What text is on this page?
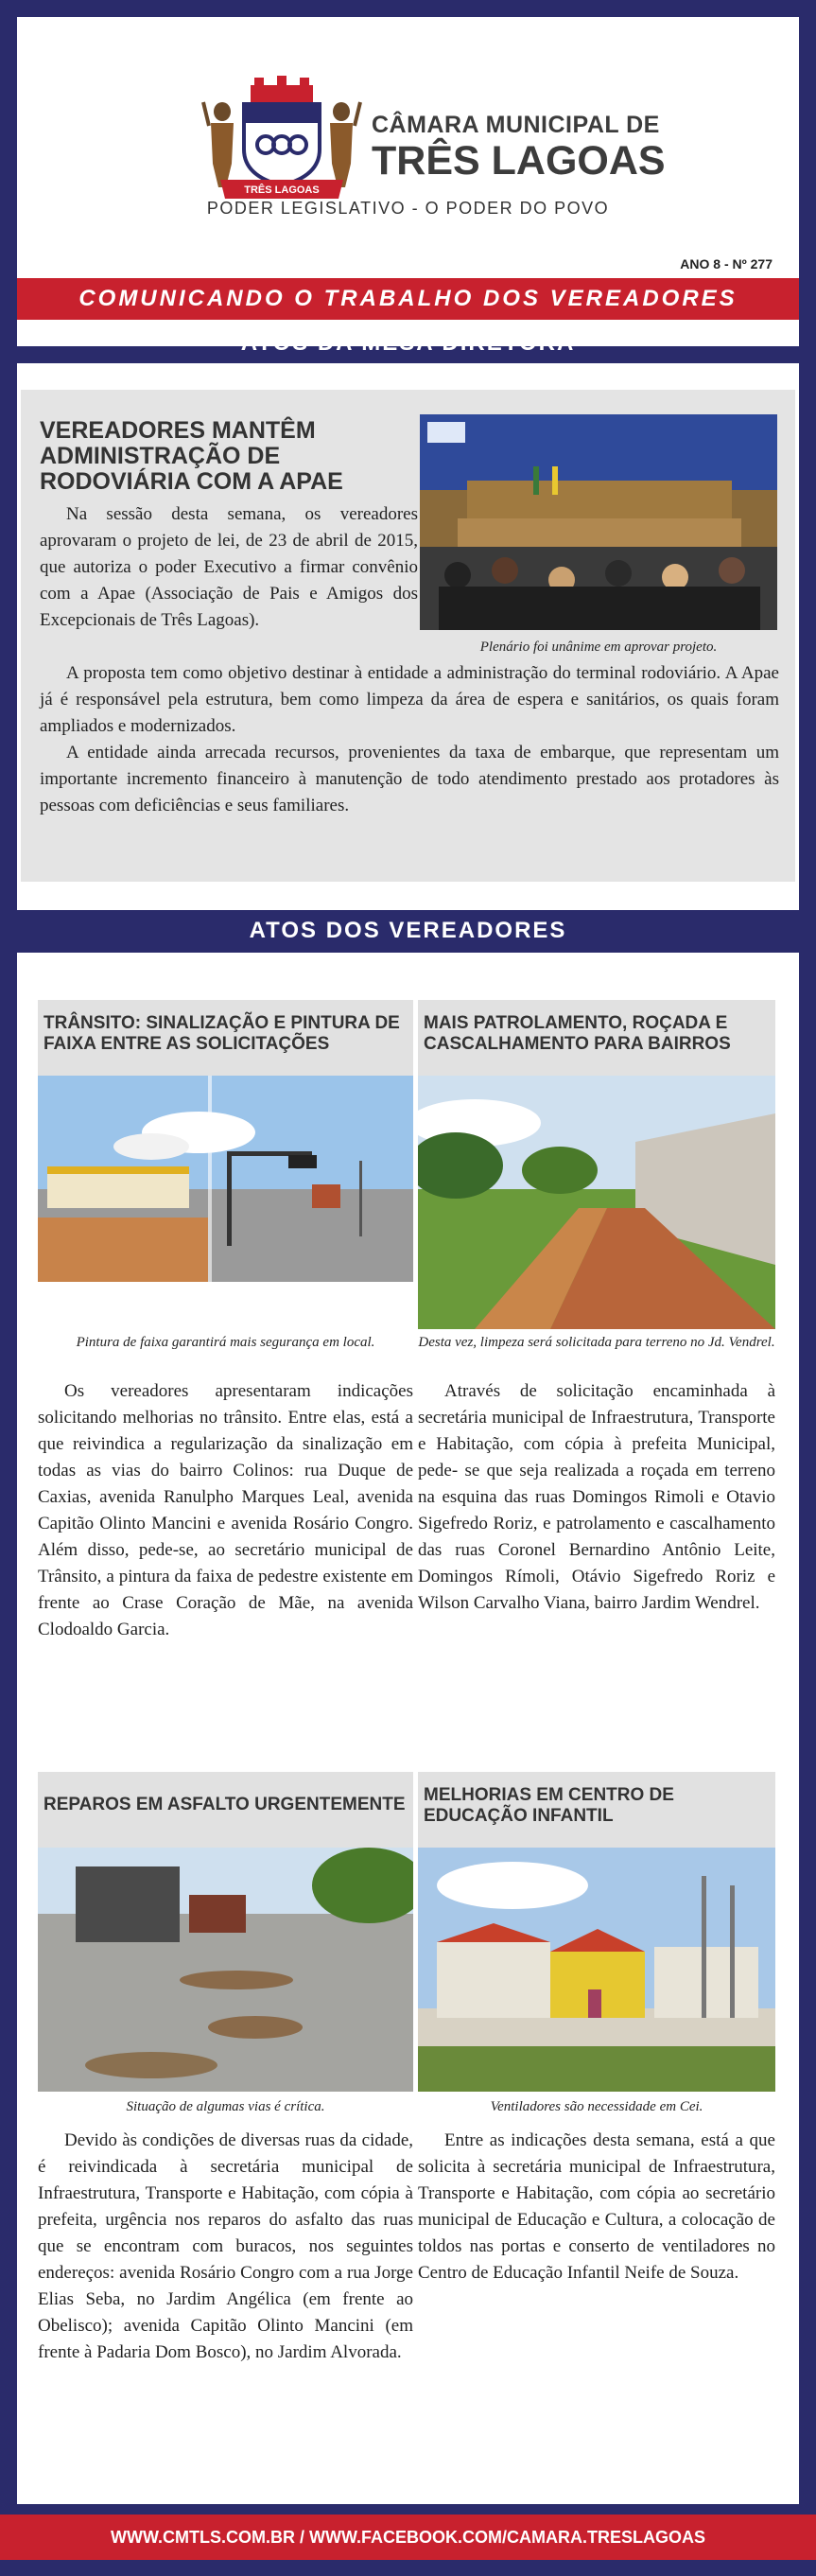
TRÊS LAGOAS
CÂMARA MUNICIPAL DE
TRÊS LAGOAS
PODER LEGISLATIVO - O PODER DO POVO
ANO 8 - Nº 277
COMUNICANDO O TRABALHO DOS VEREADORES
ATOS DA MESA DIRETORA
VEREADORES MANTÊM
ADMINISTRAÇÃO DE
RODOVIÁRIA COM A APAE
Plenário foi unânime em aprovar projeto.

Na sessão desta semana, os vereadores aprovaram o projeto de lei, de 23 de abril de 2015, que autoriza o poder Executivo a firmar convênio com a Apae (Associação de Pais e Amigos dos Excepcionais de Três Lagoas).

A proposta tem como objetivo destinar à entidade a administração do terminal rodoviário. A Apae já é responsável pela estrutura, bem como limpeza da área de espera e sanitários, os quais foram ampliados e modernizados.

A entidade ainda arrecada recursos, provenientes da taxa de embarque, que representam um importante incremento financeiro à manutenção de todo atendimento prestado aos protadores às pessoas com deficiências e seus familiares.

ATOS DOS VEREADORES
TRÂNSITO: SINALIZAÇÃO E PINTURA DE FAIXA ENTRE AS SOLICITAÇÕES
Pintura de faixa garantirá mais segurança em local.

Os vereadores apresentaram indicações solicitando melhorias no trânsito. Entre elas, está a que reivindica a regularização da sinalização em todas as vias do bairro Colinos: rua Duque de Caxias, avenida Ranulpho Marques Leal, avenida Capitão Olinto Mancini e avenida Rosário Congro. Além disso, pede-se, ao secretário municipal de Trânsito, a pintura da faixa de pedestre existente em frente ao Crase Coração de Mãe, na avenida Clodoaldo Garcia.

MAIS PATROLAMENTO, ROÇADA E CASCALHAMENTO PARA BAIRROS
Desta vez, limpeza será solicitada para terreno no Jd. Vendrel.

Através de solicitação encaminhada à secretária municipal de Infraestrutura, Transporte e Habitação, com cópia à prefeita Municipal, pede- se que seja realizada a roçada em terreno na esquina das ruas Domingos Rimoli e Otavio Sigefredo Roriz, e patrolamento e cascalhamento das ruas Coronel Bernardino Antônio Leite, Domingos Rímoli, Otávio Sigefredo Roriz e Wilson Carvalho Viana, bairro Jardim Wendrel.

REPAROS EM ASFALTO URGENTEMENTE
Situação de algumas vias é crítica.

Devido às condições de diversas ruas da cidade, é reivindicada à secretária municipal de Infraestrutura, Transporte e Habitação, com cópia à prefeita, urgência nos reparos do asfalto das ruas que se encontram com buracos, nos seguintes endereços: avenida Rosário Congro com a rua Jorge Elias Seba, no Jardim Angélica (em frente ao Obelisco); avenida Capitão Olinto Mancini (em frente à Padaria Dom Bosco), no Jardim Alvorada.

MELHORIAS EM CENTRO DE EDUCAÇÃO INFANTIL
Ventiladores são necessidade em Cei.

Entre as indicações desta semana, está a que solicita à secretária municipal de Infraestrutura, Transporte e Habitação, com cópia ao secretário municipal de Educação e Cultura, a colocação de toldos nas portas e conserto de ventiladores no Centro de Educação Infantil Neife de Souza.

WWW.CMTLS.COM.BR / WWW.FACEBOOK.COM/CAMARA.TRESLAGOAS
